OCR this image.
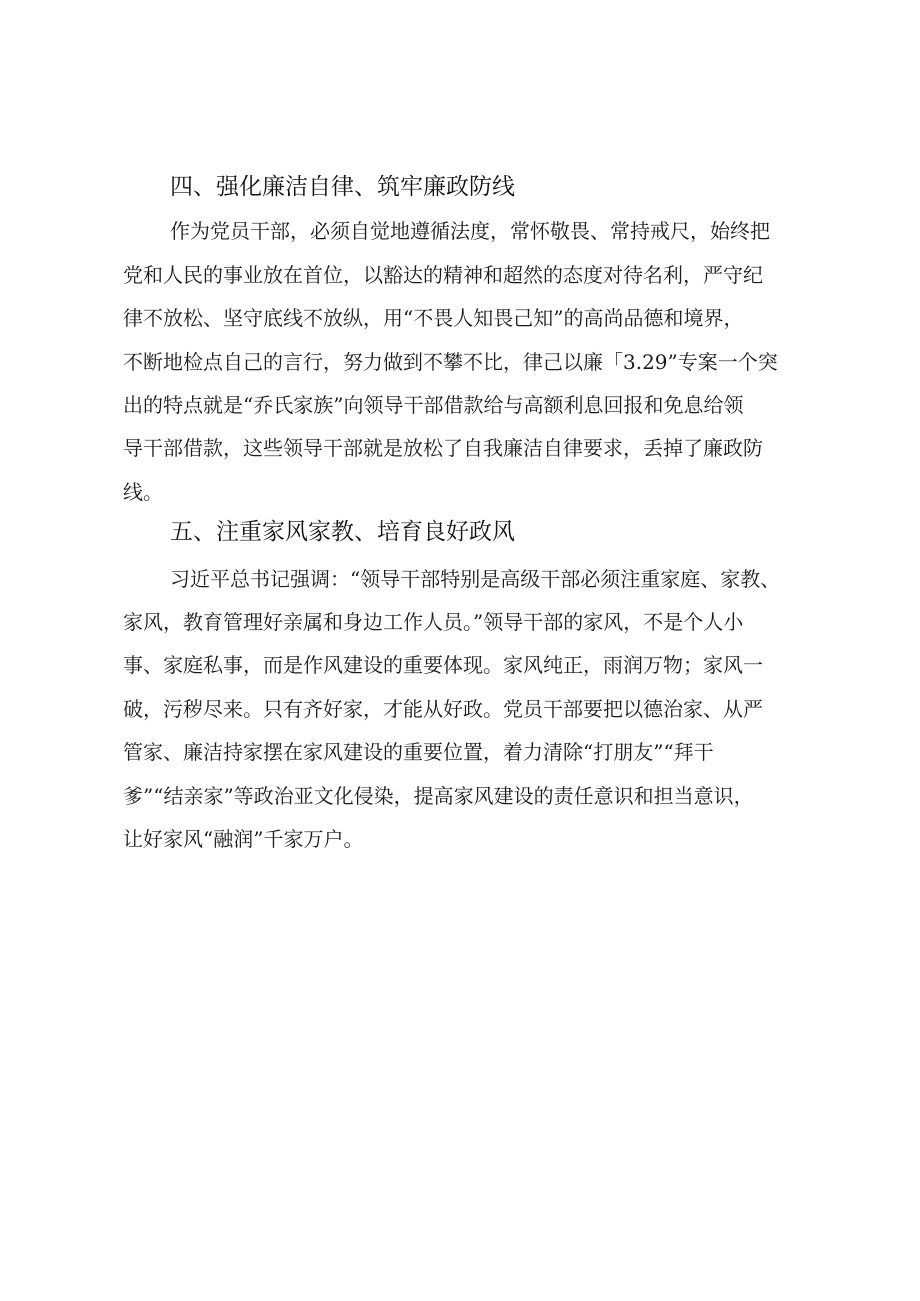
四、强化廉洁自律、筑牢廉政防线
作为党员干部，必须自觉地遵循法度，常怀敬畏、常持戒尺，始终把
党和人民的事业放在首位，以豁达的精神和超然的态度对待名利，严守纪
律不放松、坚守底线不放纵，用“不畏人知畏己知”的高尚品德和境界，
不断地检点自己的言行，努力做到不攀不比，律己以廉「3.29”专案一个突
出的特点就是“乔氏家族”向领导干部借款给与高额利息回报和免息给领
导干部借款，这些领导干部就是放松了自我廉洁自律要求，丢掉了廉政防
线。
五、注重家风家教、培育良好政风
习近平总书记强调：“领导干部特别是高级干部必须注重家庭、家教、
家风，教育管理好亲属和身边工作人员。”领导干部的家风，不是个人小
事、家庭私事，而是作风建设的重要体现。家风纯正，雨润万物；家风一
破，污秽尽来。只有齐好家，才能从好政。党员干部要把以德治家、从严
管家、廉洁持家摆在家风建设的重要位置，着力清除“打朋友”“拜干
爹”“结亲家”等政治亚文化侵染，提高家风建设的责任意识和担当意识，
让好家风“融润”千家万户。
